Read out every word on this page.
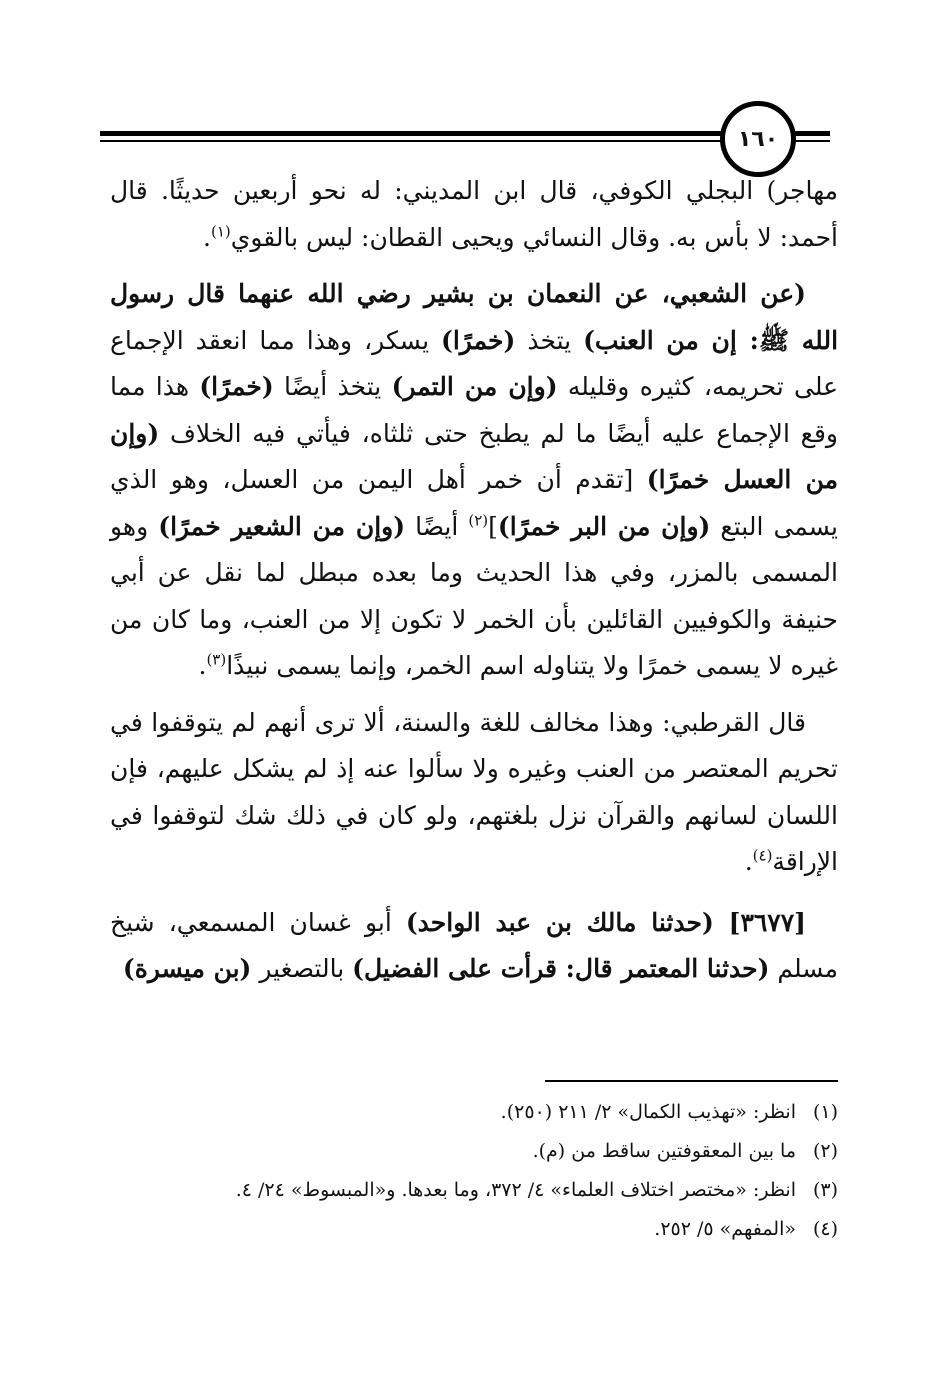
١٦٠

مهاجر) البجلي الكوفي، قال ابن المديني: له نحو أربعين حديثًا. قال أحمد: لا بأس به. وقال النسائي ويحيى القطان: ليس بالقوي$^{(١)}$.

(عن الشعبي، عن النعمان بن بشير رضي الله عنهما قال رسول الله ﷺ: إن من العنب) يتخذ (خمرًا) يسكر، وهذا مما انعقد الإجماع على تحريمه، كثيره وقليله (وإن من التمر) يتخذ أيضًا (خمرًا) هذا مما وقع الإجماع عليه أيضًا ما لم يطبخ حتى ثلثاه، فيأتي فيه الخلاف (وإن من العسل خمرًا) [تقدم أن خمر أهل اليمن من العسل، وهو الذي يسمى البتع (وإن من البر خمرًا)]$^{(٢)}$ أيضًا (وإن من الشعير خمرًا) وهو المسمى بالمزر، وفي هذا الحديث وما بعده مبطل لما نقل عن أبي حنيفة والكوفيين القائلين بأن الخمر لا تكون إلا من العنب، وما كان من غيره لا يسمى خمرًا ولا يتناوله اسم الخمر، وإنما يسمى نبيذًا$^{(٣)}$.

قال القرطبي: وهذا مخالف للغة والسنة، ألا ترى أنهم لم يتوقفوا في تحريم المعتصر من العنب وغيره ولا سألوا عنه إذ لم يشكل عليهم، فإن اللسان لسانهم والقرآن نزل بلغتهم، ولو كان في ذلك شك لتوقفوا في الإراقة$^{(٤)}$.

[٣٦٧٧] (حدثنا مالك بن عبد الواحد) أبو غسان المسمعي، شيخ مسلم (حدثنا المعتمر قال: قرأت على الفضيل) بالتصغير (بن ميسرة)

(١)
انظر: «تهذيب الكمال» ٢/ ٢١١ (٢٥٠).
(٢)
ما بين المعقوفتين ساقط من (م).
(٣)
انظر: «مختصر اختلاف العلماء» ٤/ ٣٧٢، وما بعدها. و«المبسوط» ٢٤/ ٤.
(٤)
«المفهم» ٥/ ٢٥٢.
